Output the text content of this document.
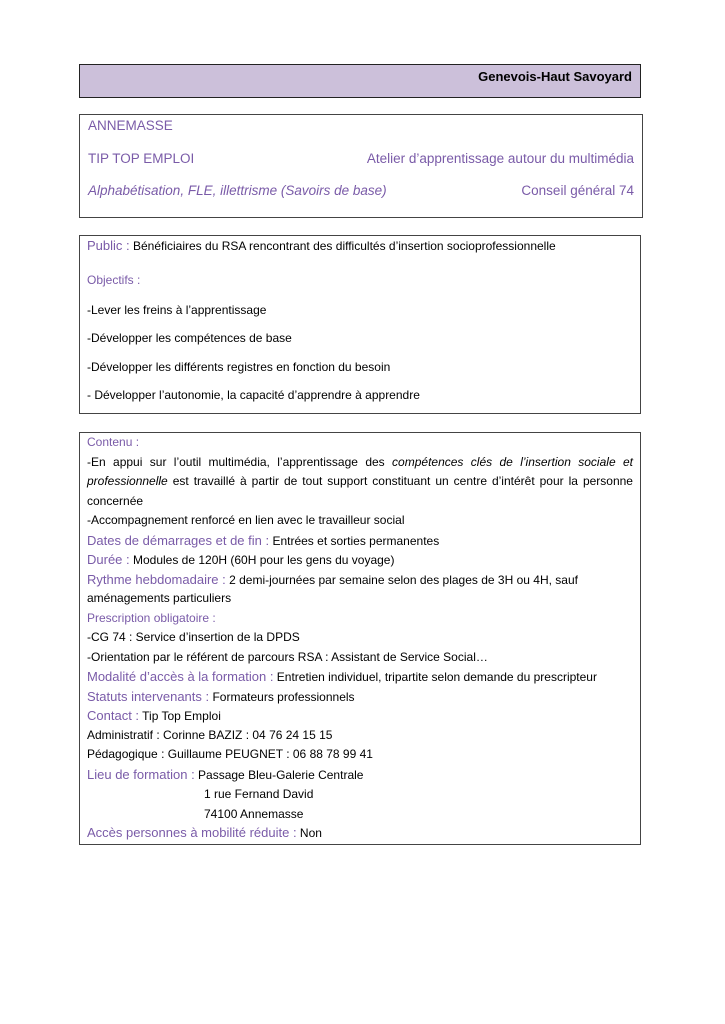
Genevois-Haut Savoyard
ANNEMASSE
TIP TOP EMPLOI	Atelier d’apprentissage autour du multimédia
Alphabétisation, FLE, illettrisme (Savoirs de base)	Conseil général 74
Public : Bénéficiaires du RSA rencontrant des difficultés d’insertion socioprofessionnelle
Objectifs :
-Lever les freins à l’apprentissage
-Développer les compétences de base
-Développer les différents registres en fonction du besoin
- Développer l’autonomie, la capacité d’apprendre à apprendre
Contenu :
-En appui sur l’outil multimédia, l’apprentissage des compétences clés de l’insertion sociale et
professionnelle est travaillé à partir de tout support constituant un centre d’intérêt pour la personne
concernée
-Accompagnement renforcé en lien avec le travailleur social
Dates de démarrages et de fin : Entrées et sorties permanentes
Durée : Modules de 120H (60H pour les gens du voyage)
Rythme hebdomadaire : 2 demi-journées par semaine selon des plages de 3H ou 4H, sauf
aménagements particuliers
Prescription obligatoire :
-CG 74 : Service d’insertion de la DPDS
-Orientation par le référent de parcours RSA : Assistant de Service Social…
Modalité d’accès à la formation : Entretien individuel, tripartite selon demande du prescripteur
Statuts intervenants : Formateurs professionnels
Contact : Tip Top Emploi
Administratif : Corinne BAZIZ : 04 76 24 15 15
Pédagogique : Guillaume PEUGNET : 06 88 78 99 41
Lieu de formation : Passage Bleu-Galerie Centrale
1 rue Fernand David
74100 Annemasse
Accès personnes à mobilité réduite : Non
